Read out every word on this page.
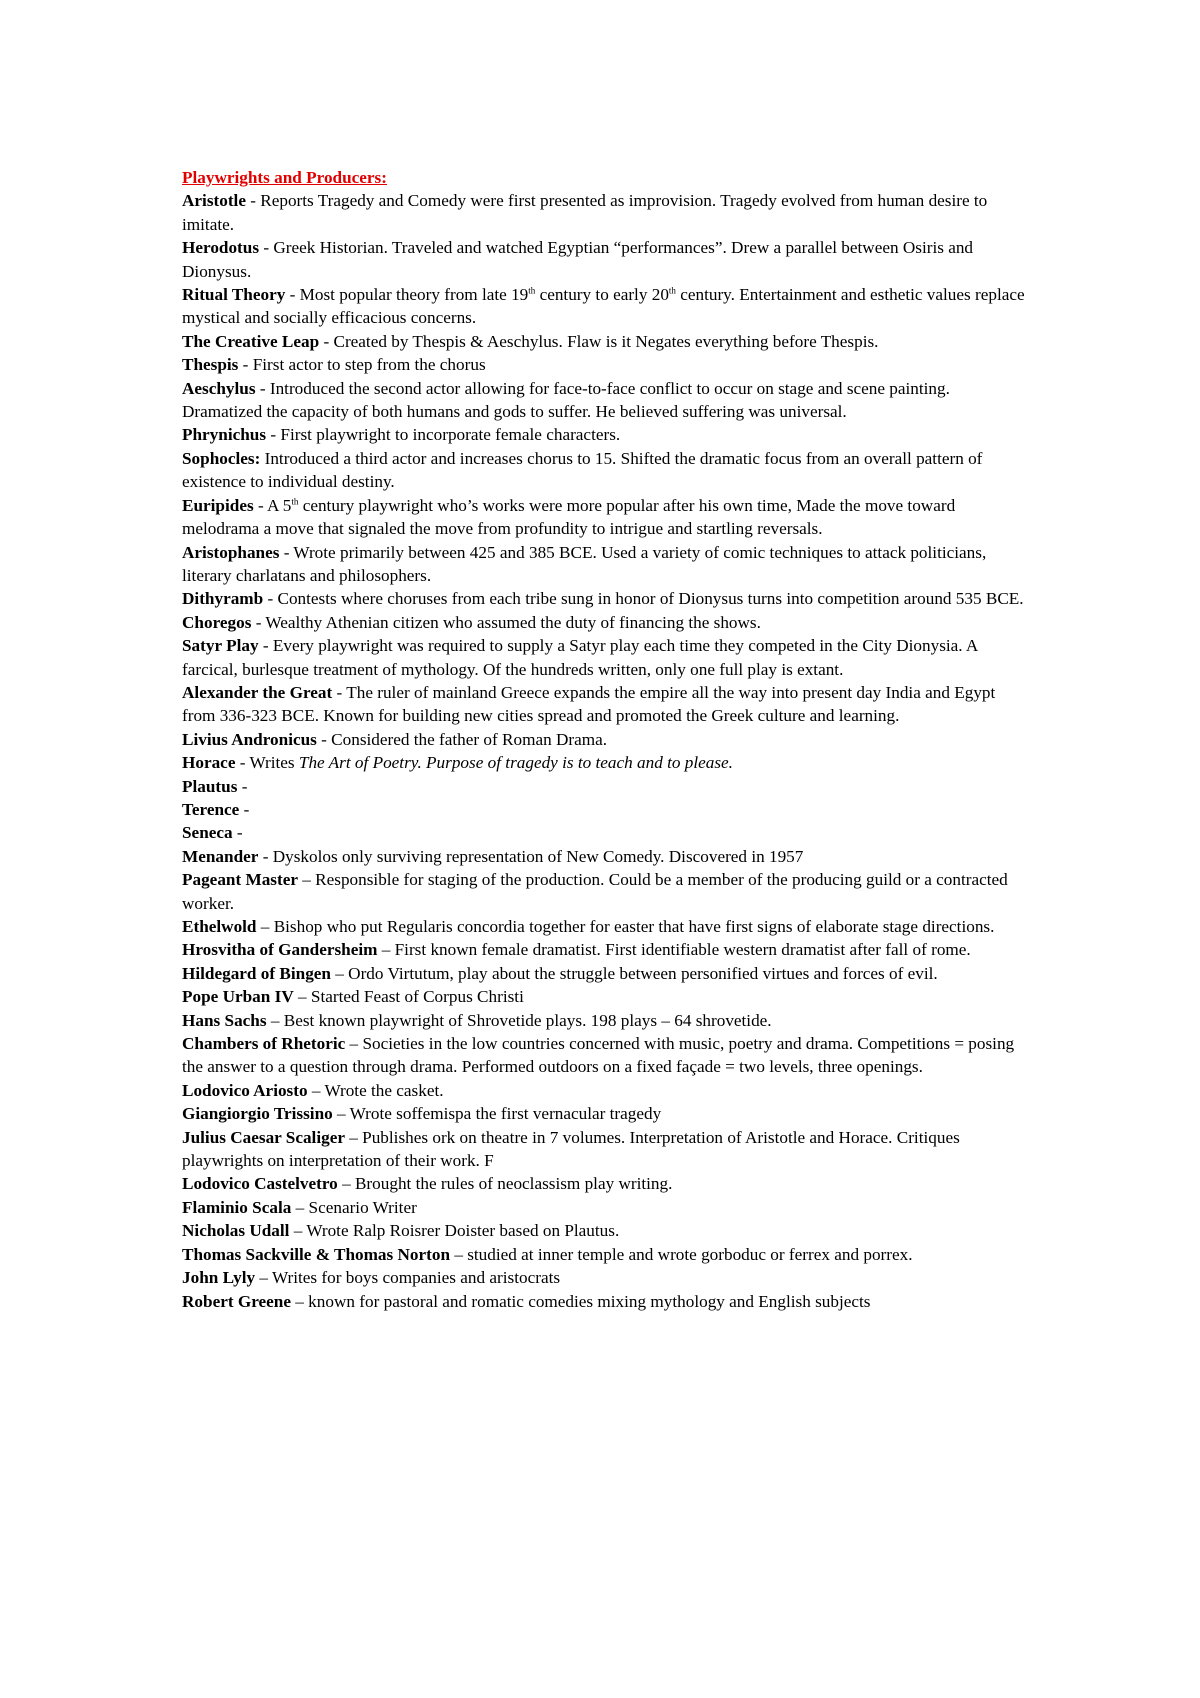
Playwrights and Producers:
Aristotle - Reports Tragedy and Comedy were first presented as improvision. Tragedy evolved from human desire to imitate.
Herodotus - Greek Historian. Traveled and watched Egyptian “performances”. Drew a parallel between Osiris and Dionysus.
Ritual Theory - Most popular theory from late 19th century to early 20th century. Entertainment and esthetic values replace mystical and socially efficacious concerns.
The Creative Leap - Created by Thespis & Aeschylus. Flaw is it Negates everything before Thespis.
Thespis - First actor to step from the chorus
Aeschylus - Introduced the second actor allowing for face-to-face conflict to occur on stage and scene painting. Dramatized the capacity of both humans and gods to suffer. He believed suffering was universal.
Phrynichus - First playwright to incorporate female characters.
Sophocles: Introduced a third actor and increases chorus to 15. Shifted the dramatic focus from an overall pattern of existence to individual destiny.
Euripides - A 5th century playwright who’s works were more popular after his own time, Made the move toward melodrama a move that signaled the move from profundity to intrigue and startling reversals.
Aristophanes - Wrote primarily between 425 and 385 BCE. Used a variety of comic techniques to attack politicians, literary charlatans and philosophers.
Dithyramb - Contests where choruses from each tribe sung in honor of Dionysus turns into competition around 535 BCE.
Choregos - Wealthy Athenian citizen who assumed the duty of financing the shows.
Satyr Play - Every playwright was required to supply a Satyr play each time they competed in the City Dionysia. A farcical, burlesque treatment of mythology. Of the hundreds written, only one full play is extant.
Alexander the Great - The ruler of mainland Greece expands the empire all the way into present day India and Egypt from 336-323 BCE. Known for building new cities spread and promoted the Greek culture and learning.
Livius Andronicus - Considered the father of Roman Drama.
Horace - Writes The Art of Poetry. Purpose of tragedy is to teach and to please.
Plautus -
Terence -
Seneca -
Menander - Dyskolos only surviving representation of New Comedy. Discovered in 1957
Pageant Master – Responsible for staging of the production. Could be a member of the producing guild or a contracted worker.
Ethelwold – Bishop who put Regularis concordia together for easter that have first signs of elaborate stage directions.
Hrosvitha of Gandersheim – First known female dramatist. First identifiable western dramatist after fall of rome.
Hildegard of Bingen – Ordo Virtutum, play about the struggle between personified virtues and forces of evil.
Pope Urban IV – Started Feast of Corpus Christi
Hans Sachs – Best known playwright of Shrovetide plays. 198 plays – 64 shrovetide.
Chambers of Rhetoric – Societies in the low countries concerned with music, poetry and drama. Competitions = posing the answer to a question through drama. Performed outdoors on a fixed façade = two levels, three openings.
Lodovico Ariosto – Wrote the casket.
Giangiorgio Trissino – Wrote soffemispa the first vernacular tragedy
Julius Caesar Scaliger – Publishes ork on theatre in 7 volumes. Interpretation of Aristotle and Horace. Critiques playwrights on interpretation of their work. F
Lodovico Castelvetro – Brought the rules of neoclassism play writing.
Flaminio Scala – Scenario Writer
Nicholas Udall – Wrote Ralp Roisrer Doister based on Plautus.
Thomas Sackville & Thomas Norton – studied at inner temple and wrote gorboduc or ferrex and porrex.
John Lyly – Writes for boys companies and aristocrats
Robert Greene – known for pastoral and romatic comedies mixing mythology and English subjects
